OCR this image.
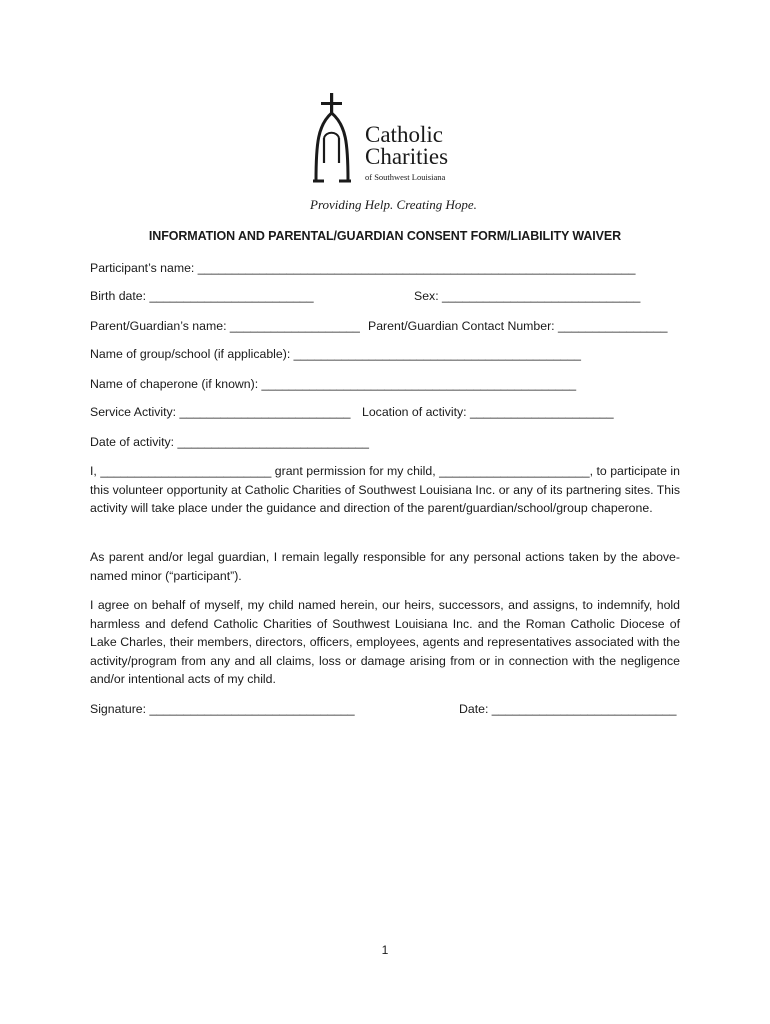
Catholic
Charities
of Southwest Louisiana
Providing Help. Creating Hope.
INFORMATION AND PARENTAL/GUARDIAN CONSENT FORM/LIABILITY WAIVER
Participant’s name: ________________________________________________________________
Birth date: ________________________	Sex: _____________________________
Parent/Guardian’s name: ___________________ Parent/Guardian Contact Number: ________________
Name of group/school (if applicable): __________________________________________
Name of chaperone (if known): ______________________________________________
Service Activity: _________________________ Location of activity: _____________________
Date of activity: ____________________________

I, _________________________ grant permission for my child, ______________________, to participate in this volunteer opportunity at Catholic Charities of Southwest Louisiana Inc. or any of its partnering sites. This activity will take place under the guidance and direction of the parent/guardian/school/group chaperone.

As parent and/or legal guardian, I remain legally responsible for any personal actions taken by the above-named minor (“participant”).

I agree on behalf of myself, my child named herein, our heirs, successors, and assigns, to indemnify, hold harmless and defend Catholic Charities of Southwest Louisiana Inc. and the Roman Catholic Diocese of Lake Charles, their members, directors, officers, employees, agents and representatives associated with the activity/program from any and all claims, loss or damage arising from or in connection with the negligence and/or intentional acts of my child.

Signature: ______________________________	Date: ___________________________
1
